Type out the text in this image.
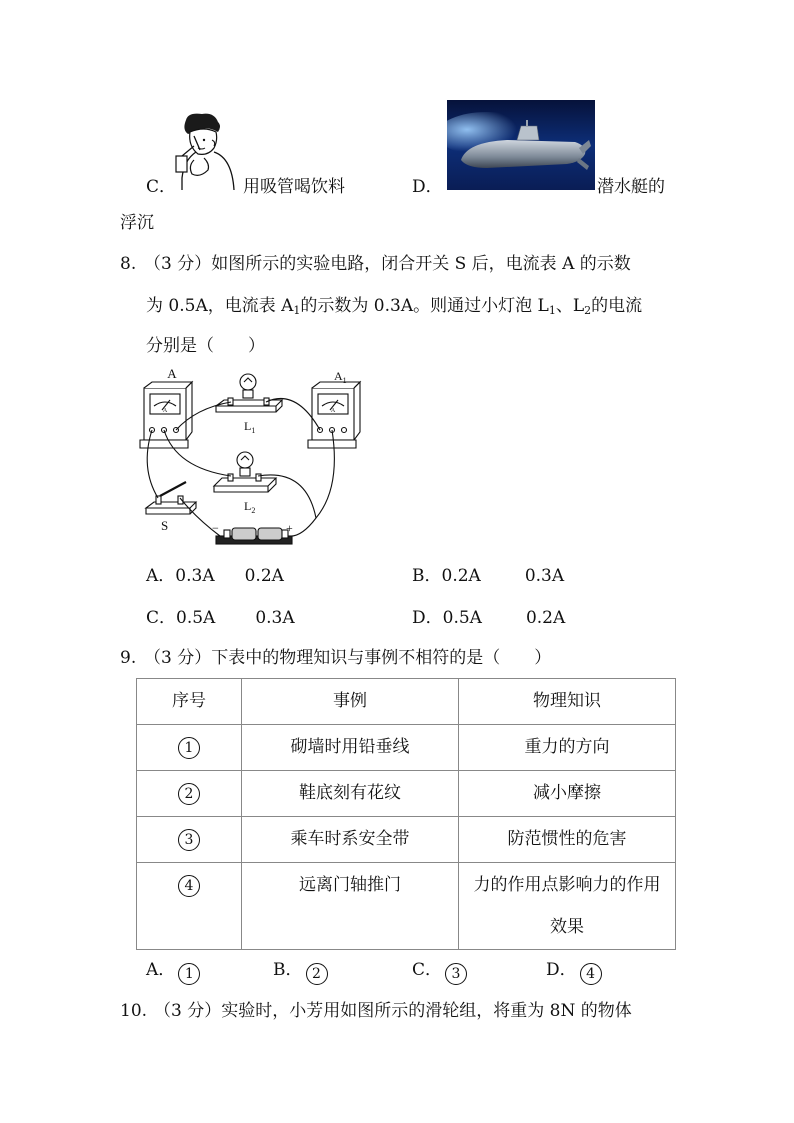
C．	用吸管喝饮料	D．	潜水艇的
浮沉
8. （3 分）如图所示的实验电路，闭合开关 S 后，电流表 A 的示数
为 0.5A，电流表 $A_1$的示数为 0.3A。则通过小灯泡 $L_1$、$L_2$的电流
分别是（　　）
A
A
$L_1$
A
$A_1$
$L_2$
S	−	+
A．0.3A 0.2A	B．0.2A	0.3A
C．0.5A 0.3A	D．0.5A	0.2A
9. （3 分）下表中的物理知识与事例不相符的是（　　）
序号	事例	物理知识
1	砌墙时用铅垂线	重力的方向
2	鞋底刻有花纹	减小摩擦
3	乘车时系安全带	防范惯性的危害
4	远离门轴推门	力的作用点影响力的作用
效果
A． 1	B． 2	C． 3	D． 4
10. （3 分）实验时，小芳用如图所示的滑轮组，将重为 8N 的物体
